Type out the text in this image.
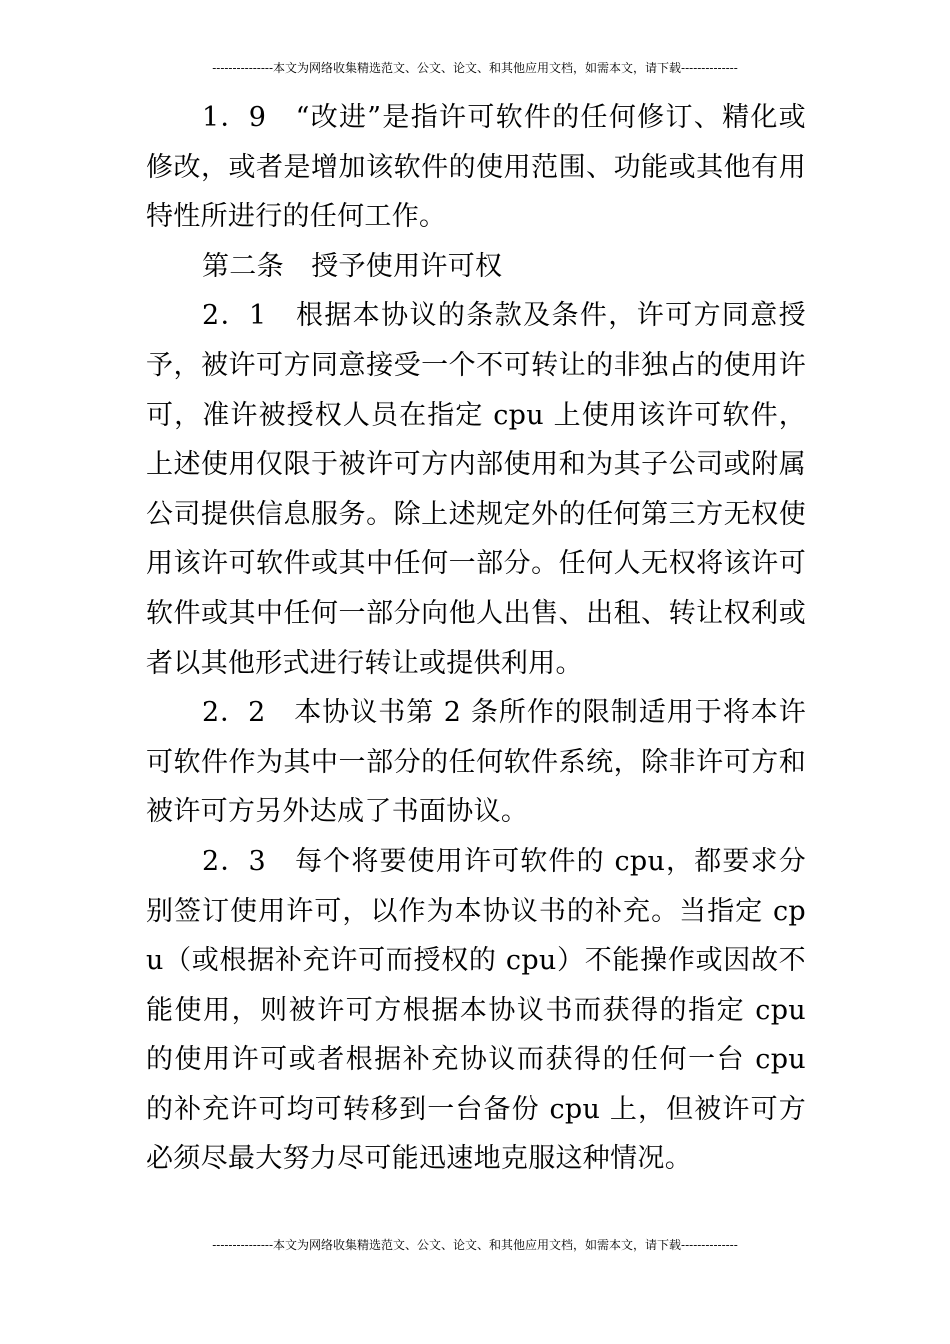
---------------本文为网络收集精选范文、公文、论文、和其他应用文档，如需本文，请下载--------------

1．9　“改进”是指许可软件的任何修订、精化或修改，或者是增加该软件的使用范围、功能或其他有用特性所进行的任何工作。

第二条　授予使用许可权

2．1　根据本协议的条款及条件，许可方同意授予，被许可方同意接受一个不可转让的非独占的使用许可，准许被授权人员在指定 cpu 上使用该许可软件，上述使用仅限于被许可方内部使用和为其子公司或附属公司提供信息服务。除上述规定外的任何第三方无权使用该许可软件或其中任何一部分。任何人无权将该许可软件或其中任何一部分向他人出售、出租、转让权利或者以其他形式进行转让或提供利用。

2．2　本协议书第 2 条所作的限制适用于将本许可软件作为其中一部分的任何软件系统，除非许可方和被许可方另外达成了书面协议。

2．3　每个将要使用许可软件的 cpu，都要求分别签订使用许可，以作为本协议书的补充。当指定 cpu（或根据补充许可而授权的 cpu）不能操作或因故不能使用，则被许可方根据本协议书而获得的指定 cpu 的使用许可或者根据补充协议而获得的任何一台 cpu 的补充许可均可转移到一台备份 cpu 上，但被许可方必须尽最大努力尽可能迅速地克服这种情况。

---------------本文为网络收集精选范文、公文、论文、和其他应用文档，如需本文，请下载--------------
